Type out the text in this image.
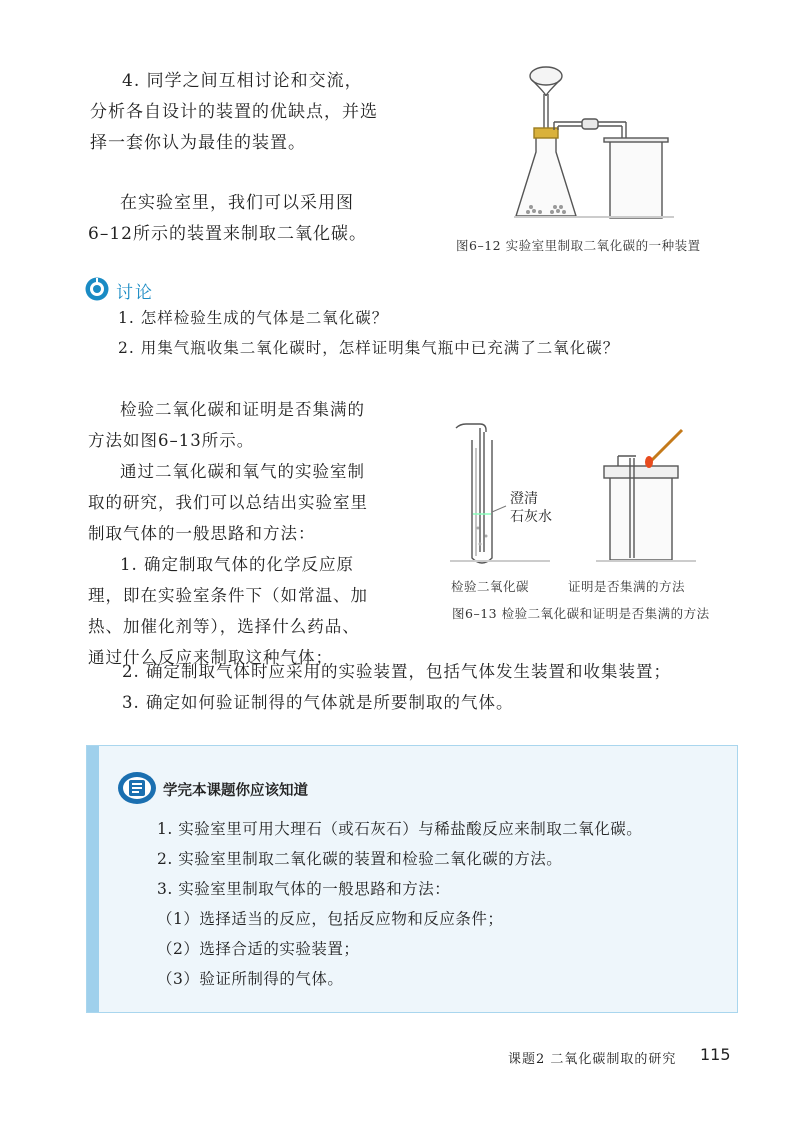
4. 同学之间互相讨论和交流，
分析各自设计的装置的优缺点，并选
择一套你认为最佳的装置。
在实验室里，我们可以采用图
6–12所示的装置来制取二氧化碳。
图6–12 实验室里制取二氧化碳的一种装置
讨论
1. 怎样检验生成的气体是二氧化碳？
2. 用集气瓶收集二氧化碳时，怎样证明集气瓶中已充满了二氧化碳？
检验二氧化碳和证明是否集满的
方法如图6–13所示。
通过二氧化碳和氧气的实验室制
取的研究，我们可以总结出实验室里
制取气体的一般思路和方法：
1. 确定制取气体的化学反应原
理，即在实验室条件下（如常温、加
热、加催化剂等），选择什么药品、
通过什么反应来制取这种气体；
澄清
石灰水
检验二氧化碳	证明是否集满的方法
图6–13 检验二氧化碳和证明是否集满的方法
2. 确定制取气体时应采用的实验装置，包括气体发生装置和收集装置；
3. 确定如何验证制得的气体就是所要制取的气体。
学完本课题你应该知道
1. 实验室里可用大理石（或石灰石）与稀盐酸反应来制取二氧化碳。
2. 实验室里制取二氧化碳的装置和检验二氧化碳的方法。
3. 实验室里制取气体的一般思路和方法：
（1）选择适当的反应，包括反应物和反应条件；
（2）选择合适的实验装置；
（3）验证所制得的气体。
课题2 二氧化碳制取的研究 115
